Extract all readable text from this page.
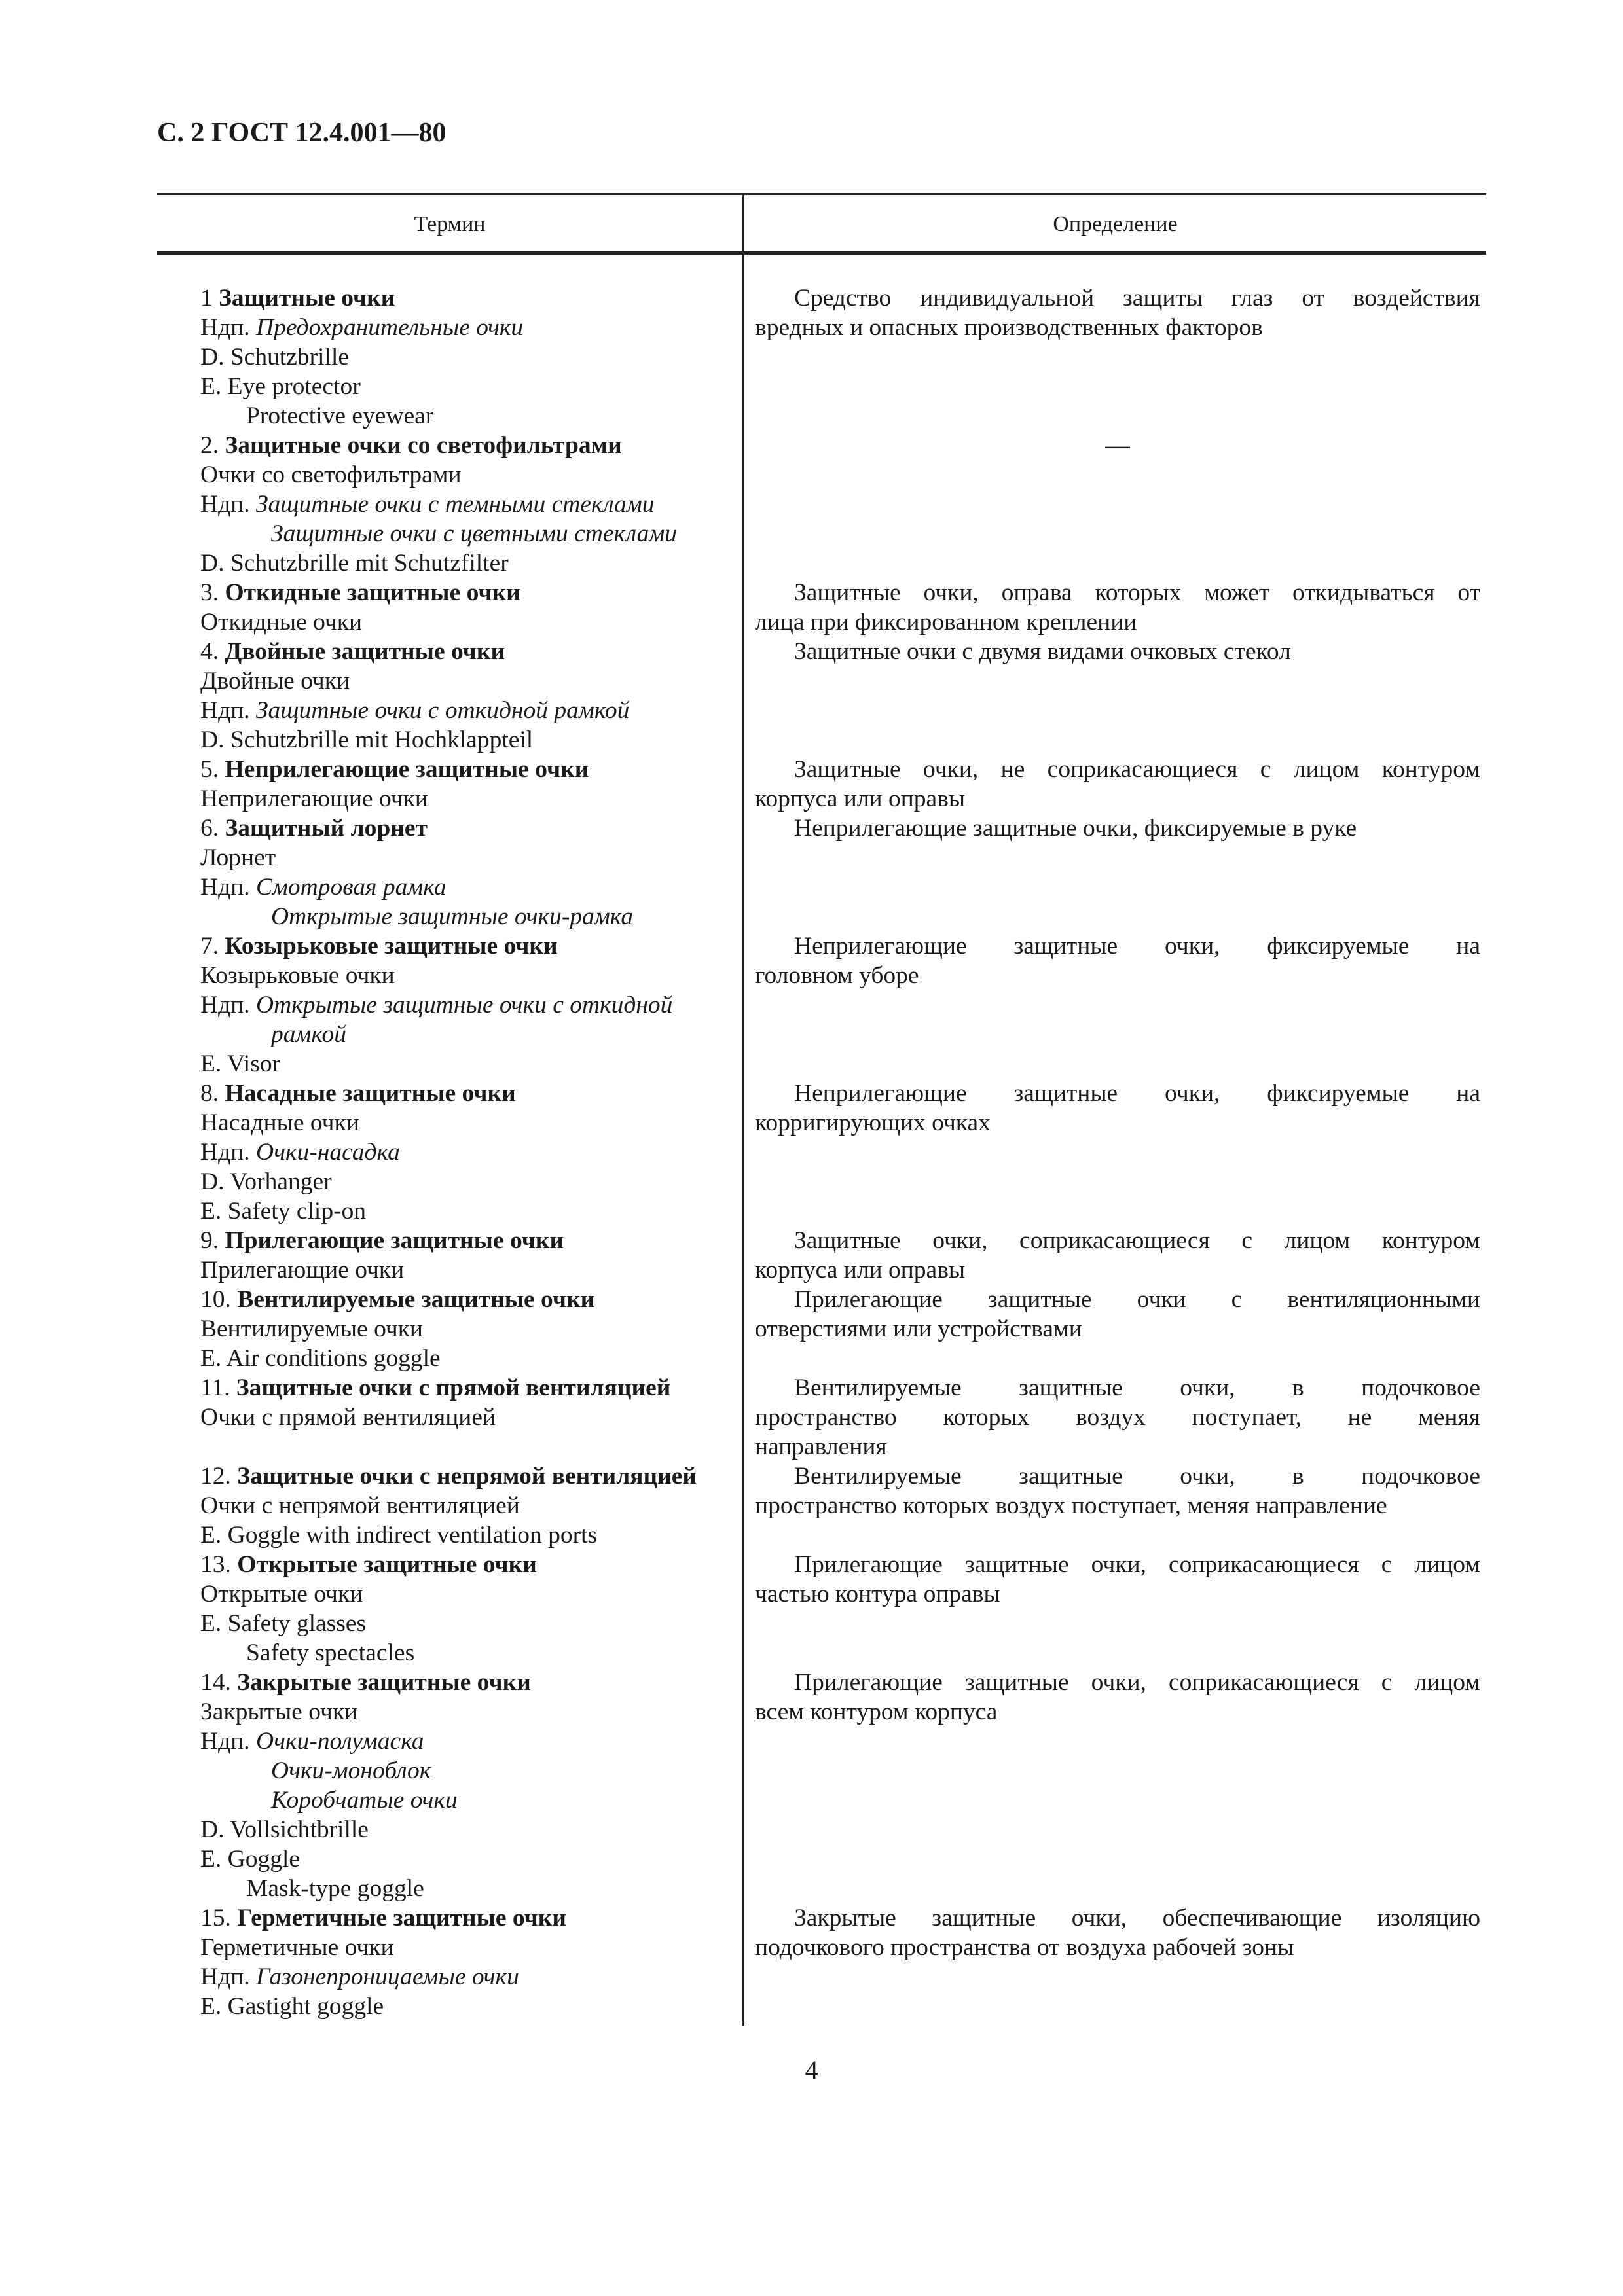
С. 2 ГОСТ 12.4.001—80
Термин	Определение
1 Защитные очки
Ндп. Предохранительные очки
D. Schutzbrille
E. Eye protector
Protective eyewear
2. Защитные очки со светофильтрами
Очки со светофильтрами
Ндп. Защитные очки с темными стеклами
Защитные очки с цветными стеклами
D. Schutzbrille mit Schutzfilter
3. Откидные защитные очки
Откидные очки
4. Двойные защитные очки
Двойные очки
Ндп. Защитные очки с откидной рамкой
D. Schutzbrille mit Hochklappteil
5. Неприлегающие защитные очки
Неприлегающие очки
6. Защитный лорнет
Лорнет
Ндп. Смотровая рамка
Открытые защитные очки-рамка
7. Козырьковые защитные очки
Козырьковые очки
Ндп. Открытые защитные очки с откидной
рамкой
E. Visor
8. Насадные защитные очки
Насадные очки
Ндп. Очки-насадка
D. Vorhanger
E. Safety clip-on
9. Прилегающие защитные очки
Прилегающие очки
10. Вентилируемые защитные очки
Вентилируемые очки
E. Air conditions goggle
11. Защитные очки с прямой вентиляцией
Очки с прямой вентиляцией
12. Защитные очки с непрямой вентиляцией
Очки с непрямой вентиляцией
E. Goggle with indirect ventilation ports
13. Открытые защитные очки
Открытые очки
E. Safety glasses
Safety spectacles
14. Закрытые защитные очки
Закрытые очки
Ндп. Очки-полумаска
Очки-моноблок
Коробчатые очки
D. Vollsichtbrille
E. Goggle
Mask-type goggle
15. Герметичные защитные очки
Герметичные очки
Ндп. Газонепроницаемые очки
E. Gastight goggle
Средство индивидуальной защиты глаз от воздействия
вредных и опасных производственных факторов
—
Защитные очки, оправа которых может откидываться от
лица при фиксированном креплении
Защитные очки с двумя видами очковых стекол
Защитные очки, не соприкасающиеся с лицом контуром
корпуса или оправы
Неприлегающие защитные очки, фиксируемые в руке
Неприлегающие защитные очки, фиксируемые на
головном уборе
Неприлегающие защитные очки, фиксируемые на
корригирующих очках
Защитные очки, соприкасающиеся с лицом контуром
корпуса или оправы
Прилегающие защитные очки с вентиляционными
отверстиями или устройствами
Вентилируемые защитные очки, в подочковое
пространство которых воздух поступает, не меняя
направления
Вентилируемые защитные очки, в подочковое
пространство которых воздух поступает, меняя направление
Прилегающие защитные очки, соприкасающиеся с лицом
частью контура оправы
Прилегающие защитные очки, соприкасающиеся с лицом
всем контуром корпуса
Закрытые защитные очки, обеспечивающие изоляцию
подочкового пространства от воздуха рабочей зоны
4
